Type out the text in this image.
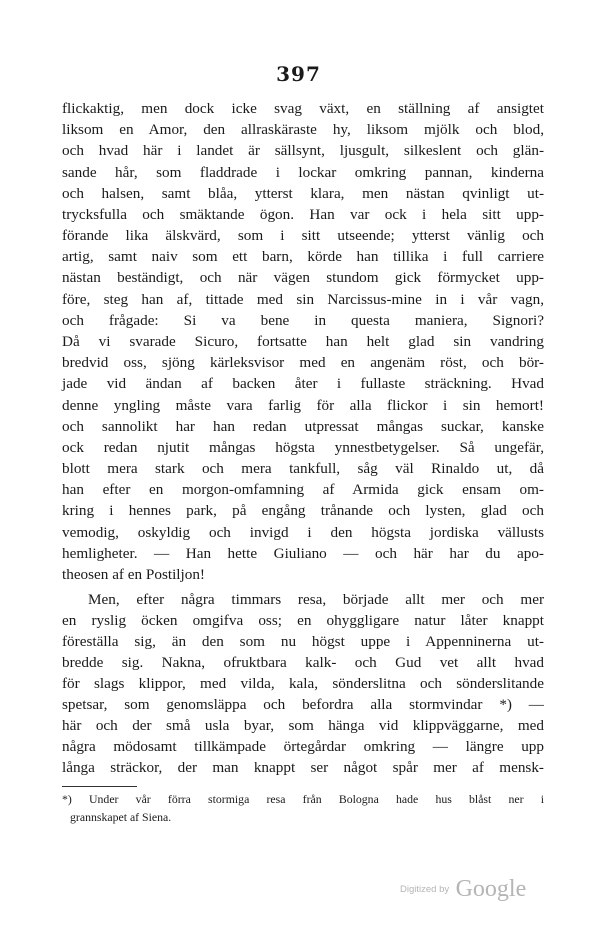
397
flickaktig, men dock icke svag växt, en ställning af ansigtet
liksom en Amor, den allraskäraste hy, liksom mjölk och blod,
och hvad här i landet är sällsynt, ljusgult, silkeslent och glän-
sande hår, som fladdrade i lockar omkring pannan, kinderna
och halsen, samt blåa, ytterst klara, men nästan qvinligt ut-
trycksfulla och smäktande ögon. Han var ock i hela sitt upp-
förande lika älskvärd, som i sitt utseende; ytterst vänlig och
artig, samt naiv som ett barn, körde han tillika i full carriere
nästan beständigt, och när vägen stundom gick förmycket upp-
före, steg han af, tittade med sin Narcissus-mine in i vår vagn,
och frågade: Si va bene in questa maniera, Signori?
Då vi svarade Sicuro, fortsatte han helt glad sin vandring
bredvid oss, sjöng kärleksvisor med en angenäm röst, och bör-
jade vid ändan af backen åter i fullaste sträckning. Hvad
denne yngling måste vara farlig för alla flickor i sin hemort!
och sannolikt har han redan utpressat mångas suckar, kanske
ock redan njutit mångas högsta ynnestbetygelser. Så ungefär,
blott mera stark och mera tankfull, såg väl Rinaldo ut, då
han efter en morgon-omfamning af Armida gick ensam om-
kring i hennes park, på engång trånande och lysten, glad och
vemodig, oskyldig och invigd i den högsta jordiska vällusts
hemligheter. — Han hette Giuliano — och här har du apo-
theosen af en Postiljon!
Men, efter några timmars resa, började allt mer och mer
en ryslig öcken omgifva oss; en ohyggligare natur låter knappt
föreställa sig, än den som nu högst uppe i Appenninerna ut-
bredde sig. Nakna, ofruktbara kalk- och Gud vet allt hvad
för slags klippor, med vilda, kala, sönderslitna och sönderslitande
spetsar, som genomsläppa och befordra alla stormvindar *) —
här och der små usla byar, som hänga vid klippväggarne, med
några mödosamt tillkämpade örtegårdar omkring — längre upp
långa sträckor, der man knappt ser något spår mer af mensk-
*) Under vår förra stormiga resa från Bologna hade hus blåst ner i
grannskapet af Siena.
Digitized by Google
